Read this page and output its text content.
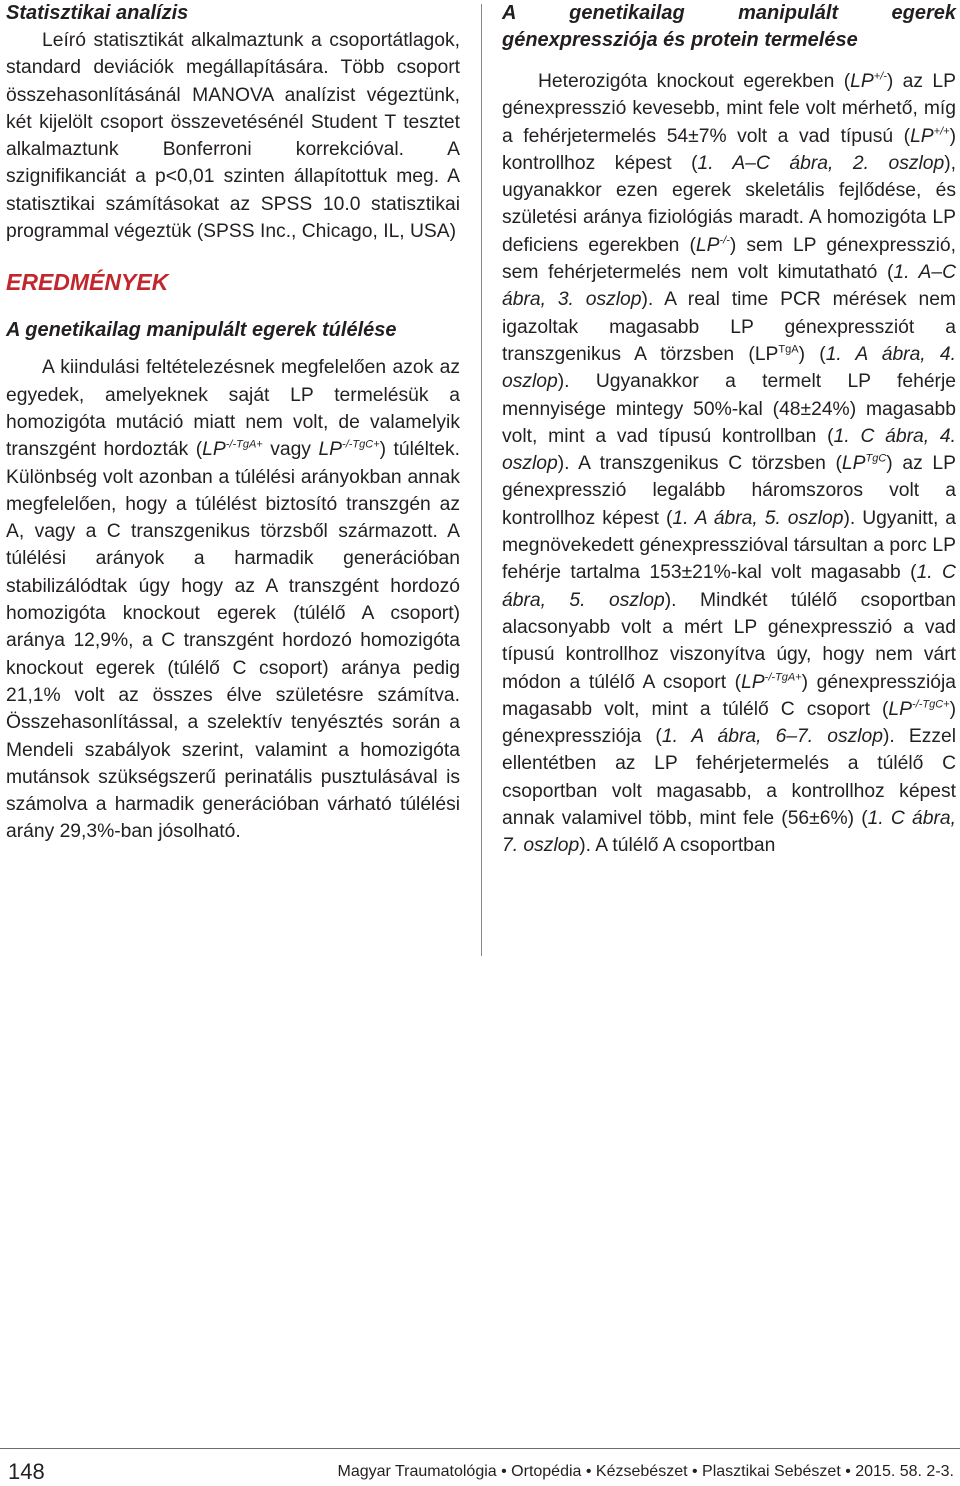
Statisztikai analízis

Leíró statisztikát alkalmaztunk a csoportátlagok, standard deviációk megállapítására. Több csoport összehasonlításánál MANOVA analízist végeztünk, két kijelölt csoport összevetésénél Student T tesztet alkalmaztunk Bonferroni korrekcióval. A szignifikanciát a p<0,01 szinten állapítottuk meg. A statisztikai számításokat az SPSS 10.0 statisztikai programmal végeztük (SPSS Inc., Chicago, IL, USA)

EREDMÉNYEK
A genetikailag manipulált egerek túlélése

A kiindulási feltételezésnek megfelelően azok az egyedek, amelyeknek saját LP termelésük a homozigóta mutáció miatt nem volt, de valamelyik transzgént hordozták ($LP^{-/-TgA+}$ vagy $LP^{-/-TgC+}$) túléltek. Különbség volt azonban a túlélési arányokban annak megfelelően, hogy a túlélést biztosító transzgén az A, vagy a C transzgenikus törzsből származott. A túlélési arányok a harmadik generációban stabilizálódtak úgy hogy az A transzgént hordozó homozigóta knockout egerek (túlélő A csoport) aránya 12,9%, a C transzgént hordozó homozigóta knockout egerek (túlélő C csoport) aránya pedig 21,1% volt az összes élve születésre számítva. Összehasonlítással, a szelektív tenyésztés során a Mendeli szabályok szerint, valamint a homozigóta mutánsok szükségszerű perinatális pusztulásával is számolva a harmadik generációban várható túlélési arány 29,3%-ban jósolható.

A genetikailag manipulált egerek génexpressziója és protein termelése

Heterozigóta knockout egerekben (LP+/-) az LP génexpresszió kevesebb, mint fele volt mérhető, míg a fehérjetermelés 54±7% volt a vad típusú (LP+/+) kontrollhoz képest (1. A–C ábra, 2. oszlop), ugyanakkor ezen egerek skeletális fejlődése, és születési aránya fiziológiás maradt. A homozigóta LP deficiens egerekben (LP-/-) sem LP génexpresszió, sem fehérjetermelés nem volt kimutatható (1. A–C ábra, 3. oszlop). A real time PCR mérések nem igazoltak magasabb LP génexpressziót a transzgenikus A törzsben $(LP^{TgA})$ (1. A ábra, 4. oszlop). Ugyanakkor a termelt LP fehérje mennyisége mintegy 50%-kal (48±24%) magasabb volt, mint a vad típusú kontrollban (1. C ábra, 4. oszlop). A transzgenikus C törzsben $(LP^{TgC})$ az LP génexpresszió legalább háromszoros volt a kontrollhoz képest (1. A ábra, 5. oszlop). Ugyanitt, a megnövekedett génexpresszióval társultan a porc LP fehérje tartalma 153±21%-kal volt magasabb (1. C ábra, 5. oszlop). Mindkét túlélő csoportban alacsonyabb volt a mért LP génexpresszió a vad típusú kontrollhoz viszonyítva úgy, hogy nem várt módon a túlélő A csoport $(LP^{-/-TgA+})$ génexpressziója magasabb volt, mint a túlélő C csoport $(LP^{-/-TgC+})$ génexpressziója (1. A ábra, 6–7. oszlop). Ezzel ellentétben az LP fehérjetermelés a túlélő C csoportban volt magasabb, a kontrollhoz képest annak valamivel több, mint fele (56±6%) (1. C ábra, 7. oszlop). A túlélő A csoportban

148	Magyar Traumatológia • Ortopédia • Kézsebészet • Plasztikai Sebészet • 2015. 58. 2-3.
